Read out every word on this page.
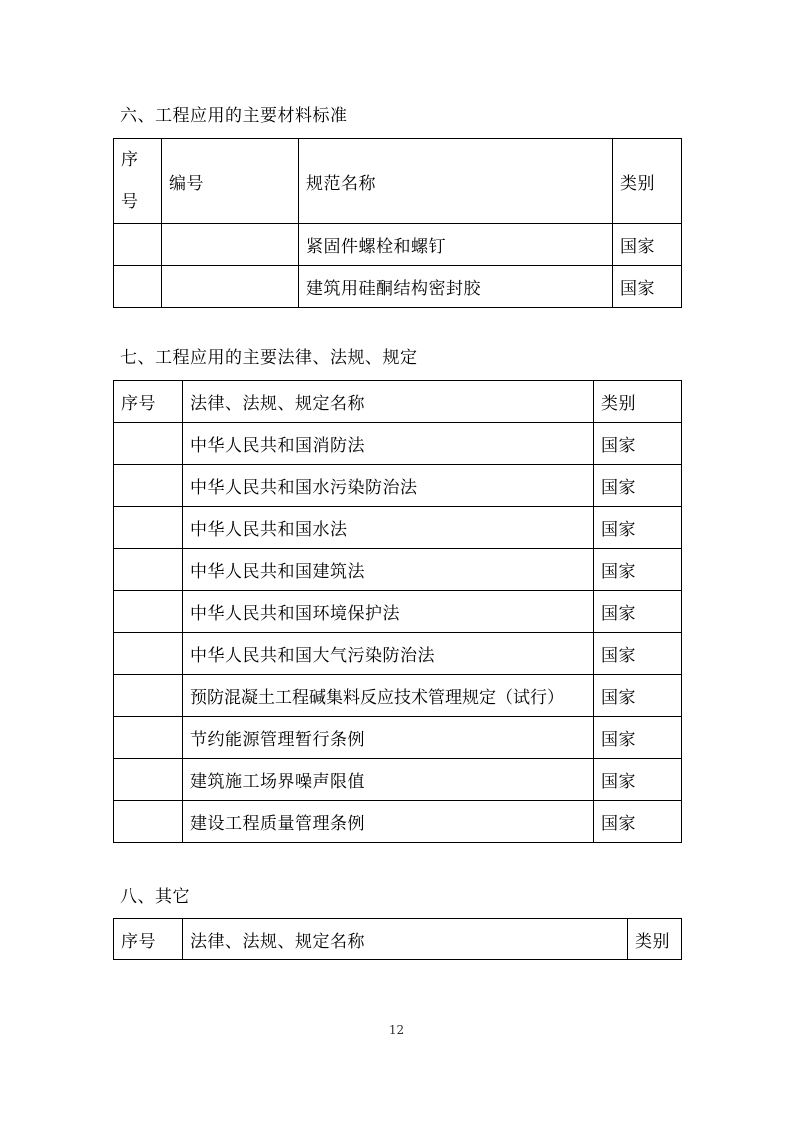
六、工程应用的主要材料标准
序
号	编号	规范名称	类别
		紧固件螺栓和螺钉	国家
		建筑用硅酮结构密封胶	国家
七、工程应用的主要法律、法规、规定
序号	法律、法规、规定名称	类别
	中华人民共和国消防法	国家
	中华人民共和国水污染防治法	国家
	中华人民共和国水法	国家
	中华人民共和国建筑法	国家
	中华人民共和国环境保护法	国家
	中华人民共和国大气污染防治法	国家
	预防混凝土工程碱集料反应技术管理规定（试行）	国家
	节约能源管理暂行条例	国家
	建筑施工场界噪声限值	国家
	建设工程质量管理条例	国家
八、其它
序号	法律、法规、规定名称	类别
12
